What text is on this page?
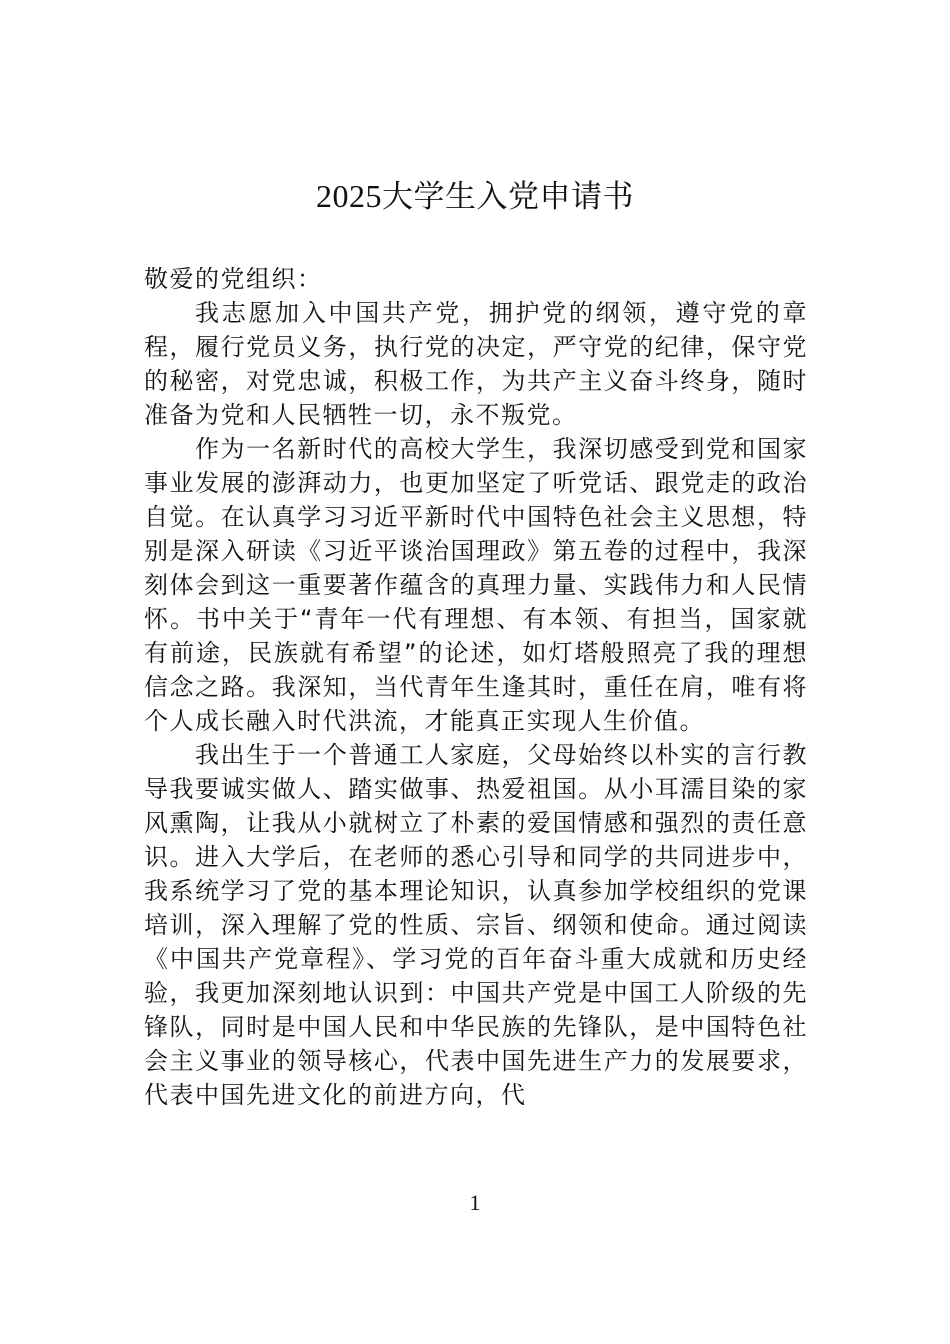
2025大学生入党申请书

敬爱的党组织：

我志愿加入中国共产党，拥护党的纲领，遵守党的章程，履行党员义务，执行党的决定，严守党的纪律，保守党的秘密，对党忠诚，积极工作，为共产主义奋斗终身，随时准备为党和人民牺牲一切，永不叛党。

作为一名新时代的高校大学生，我深切感受到党和国家事业发展的澎湃动力，也更加坚定了听党话、跟党走的政治自觉。在认真学习习近平新时代中国特色社会主义思想，特别是深入研读《习近平谈治国理政》第五卷的过程中，我深刻体会到这一重要著作蕴含的真理力量、实践伟力和人民情怀。书中关于“青年一代有理想、有本领、有担当，国家就有前途，民族就有希望”的论述，如灯塔般照亮了我的理想信念之路。我深知，当代青年生逢其时，重任在肩，唯有将个人成长融入时代洪流，才能真正实现人生价值。

我出生于一个普通工人家庭，父母始终以朴实的言行教导我要诚实做人、踏实做事、热爱祖国。从小耳濡目染的家风熏陶，让我从小就树立了朴素的爱国情感和强烈的责任意识。进入大学后，在老师的悉心引导和同学的共同进步中，我系统学习了党的基本理论知识，认真参加学校组织的党课培训，深入理解了党的性质、宗旨、纲领和使命。通过阅读《中国共产党章程》、学习党的百年奋斗重大成就和历史经验，我更加深刻地认识到：中国共产党是中国工人阶级的先锋队，同时是中国人民和中华民族的先锋队，是中国特色社会主义事业的领导核心，代表中国先进生产力的发展要求，代表中国先进文化的前进方向，代

1
